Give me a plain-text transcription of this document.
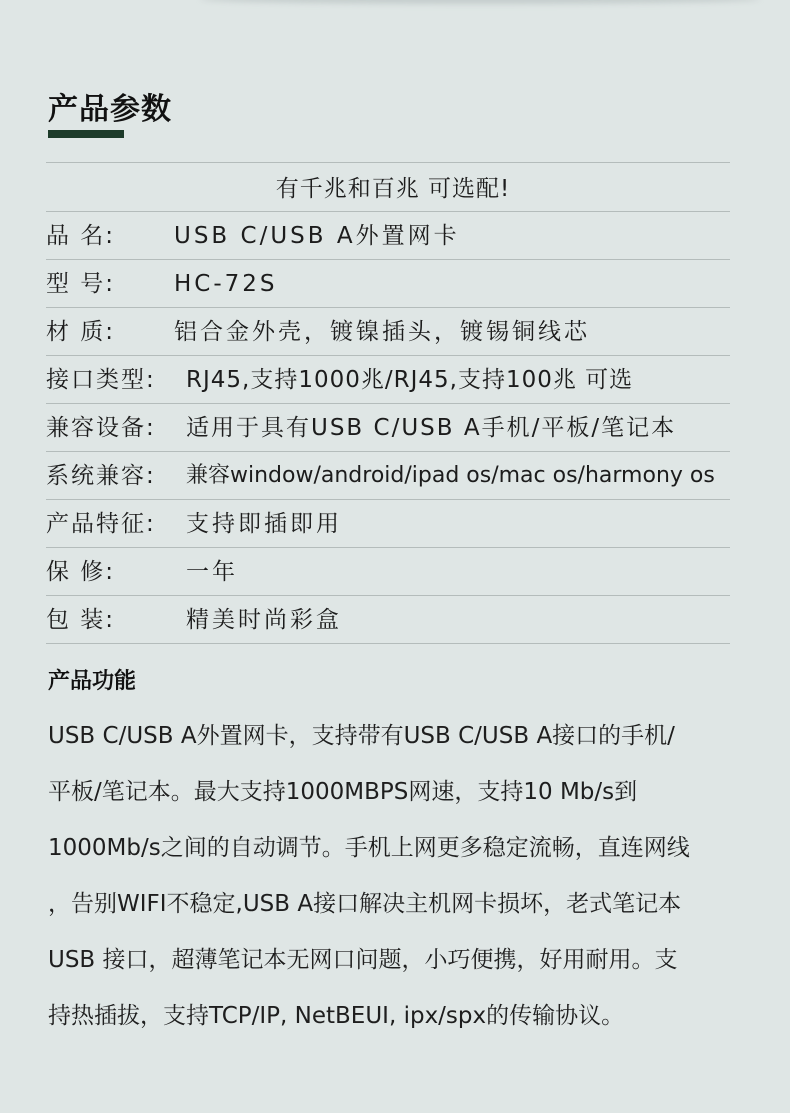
产品参数
有千兆和百兆 可选配!
品 名:	USB C/USB A外置网卡
型 号:	HC-72S
材 质:	铝合金外壳，镀镍插头，镀锡铜线芯
接口类型: RJ45,支持1000兆/RJ45,支持100兆 可选
兼容设备: 适用于具有USB C/USB A手机/平板/笔记本
系统兼容: 兼容window/android/ipad os/mac os/harmony os
产品特征: 支持即插即用
保 修:	一年
包 装:	精美时尚彩盒
产品功能
USB C/USB A外置网卡，支持带有USB C/USB A接口的手机/
平板/笔记本。最大支持1000MBPS网速，支持10 Mb/s到
1000Mb/s之间的自动调节。手机上网更多稳定流畅，直连网线
，告别WIFI不稳定,USB A接口解决主机网卡损坏，老式笔记本
USB 接口，超薄笔记本无网口问题，小巧便携，好用耐用。支
持热插拔，支持TCP/IP, NetBEUI, ipx/spx的传输协议。
